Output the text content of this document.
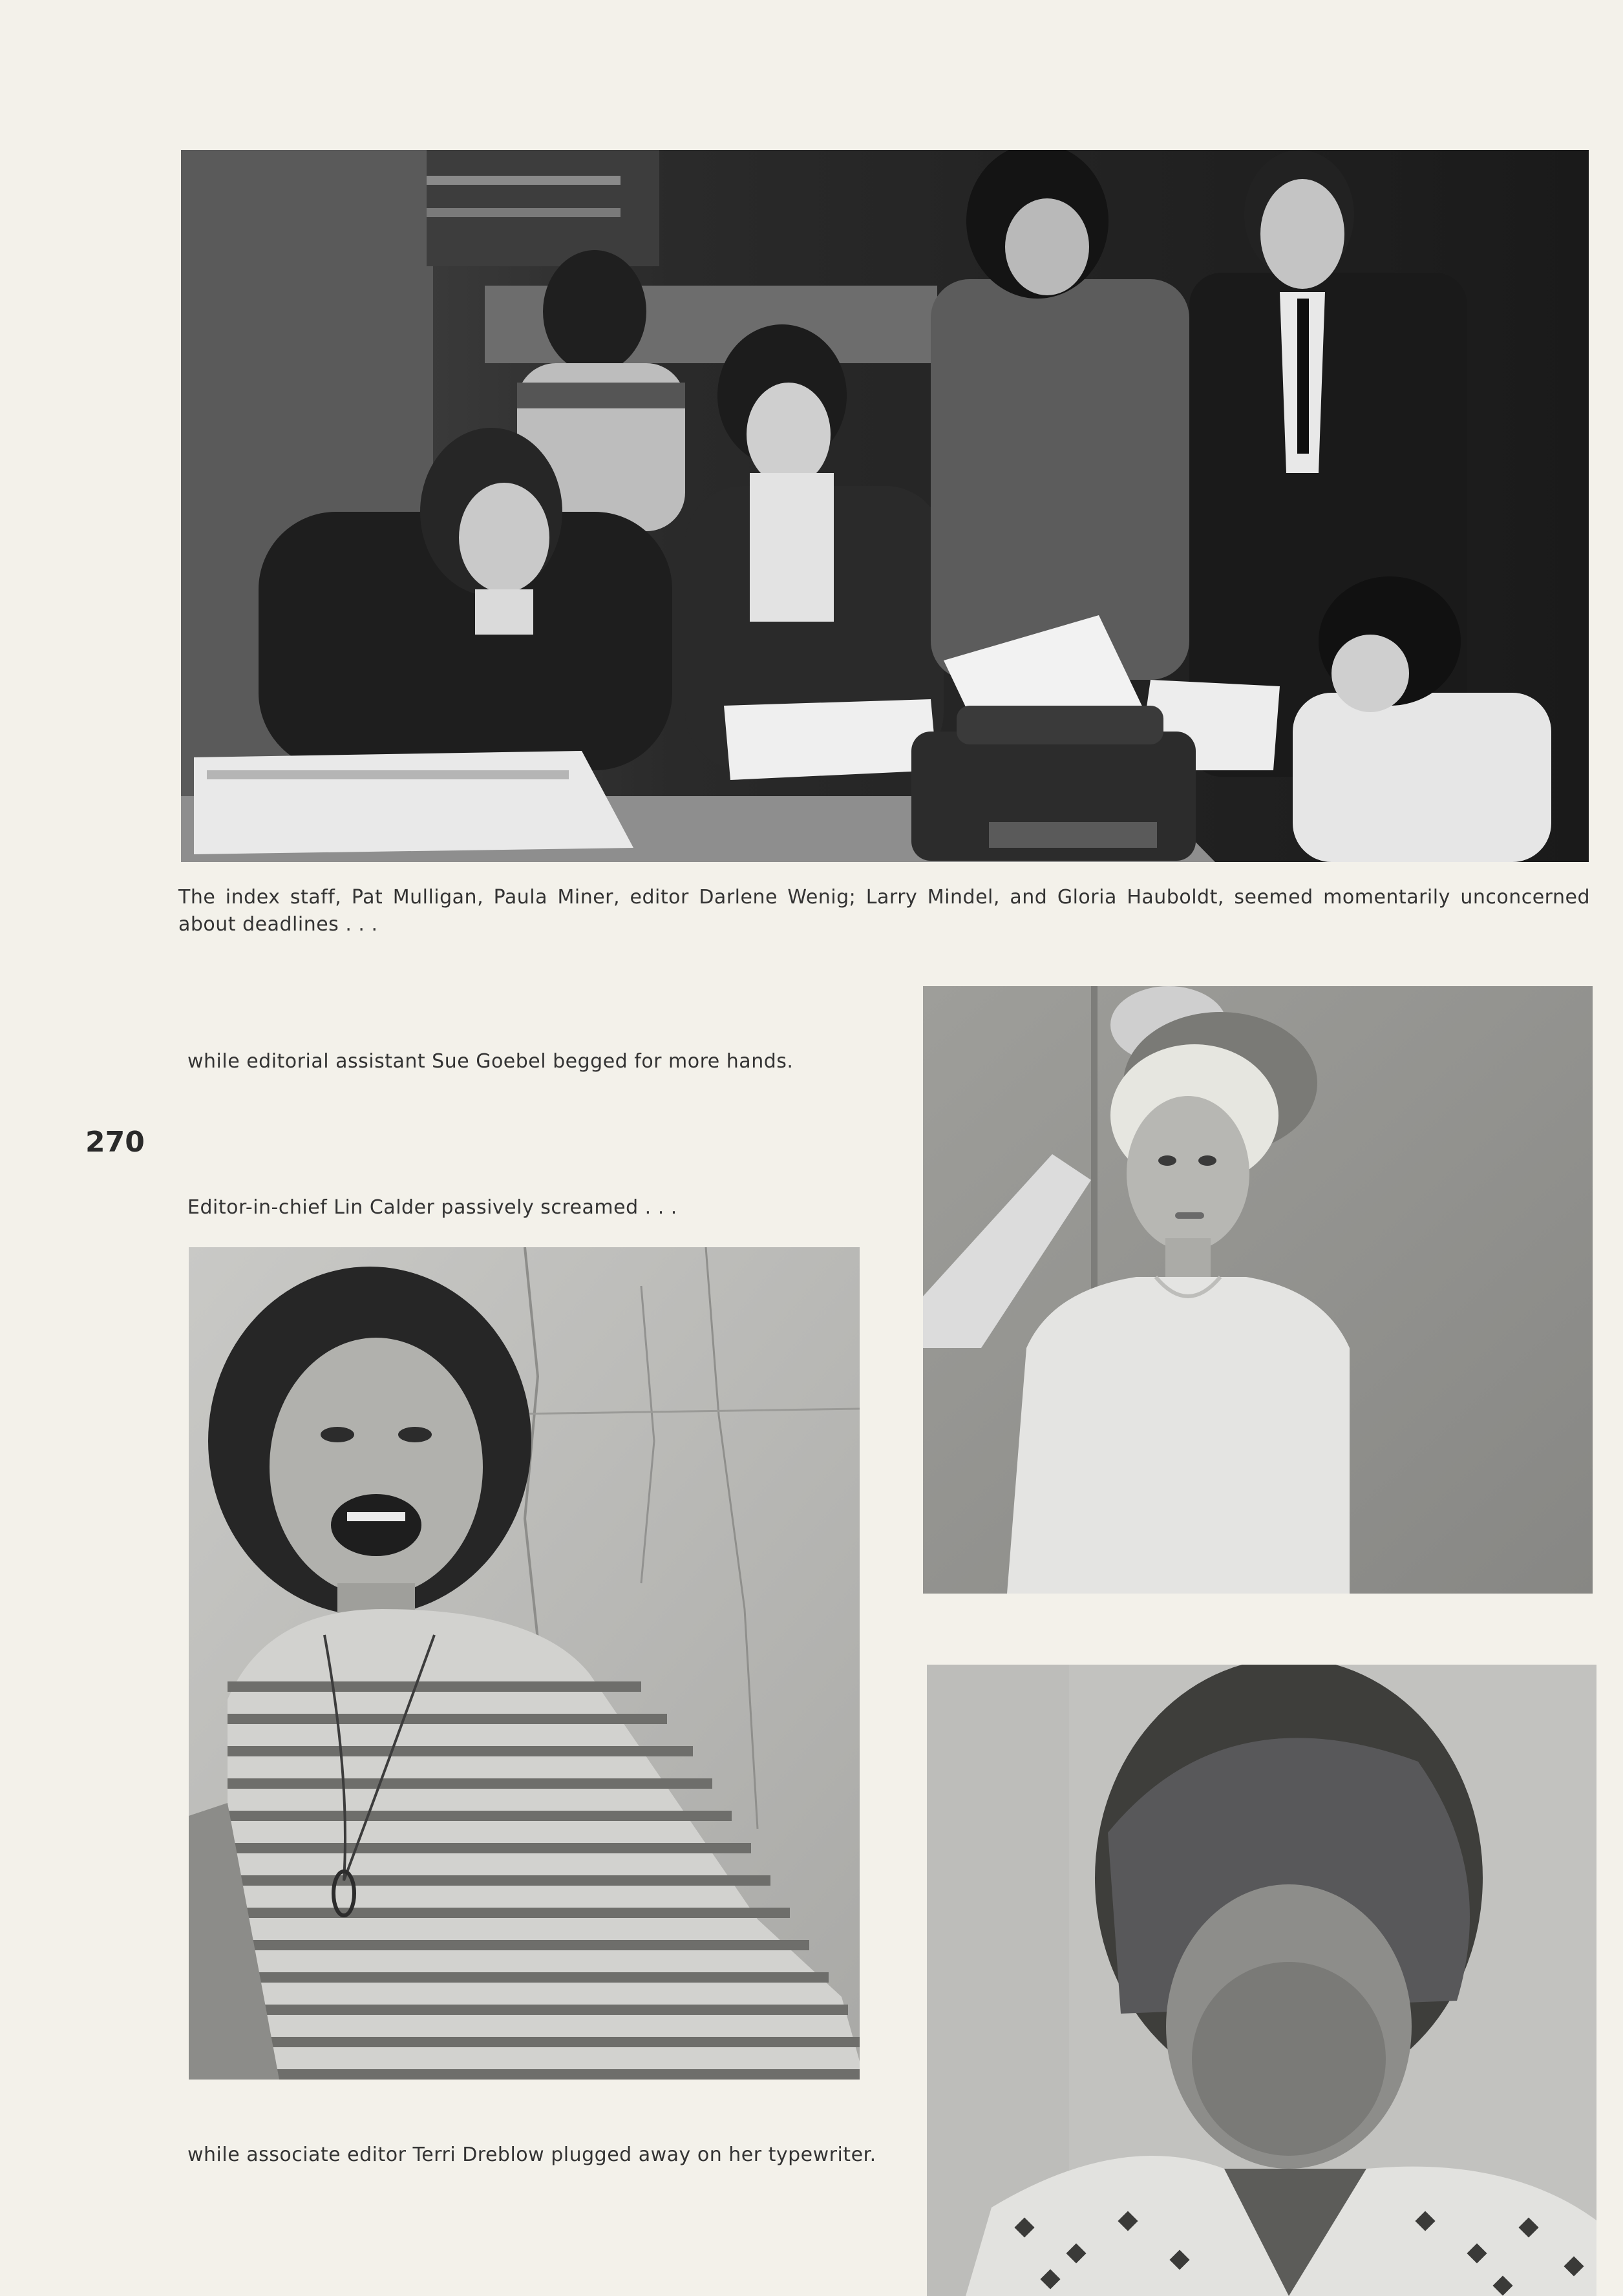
The index staff, Pat Mulligan, Paula Miner, editor Darlene Wenig; Larry Mindel, and Gloria Hauboldt, seemed momentarily unconcerned about deadlines . . .

while editorial assistant Sue Goebel begged for more hands.

270

Editor-in-chief Lin Calder passively screamed . . .

while associate editor Terri Dreblow plugged away on her typewriter.
